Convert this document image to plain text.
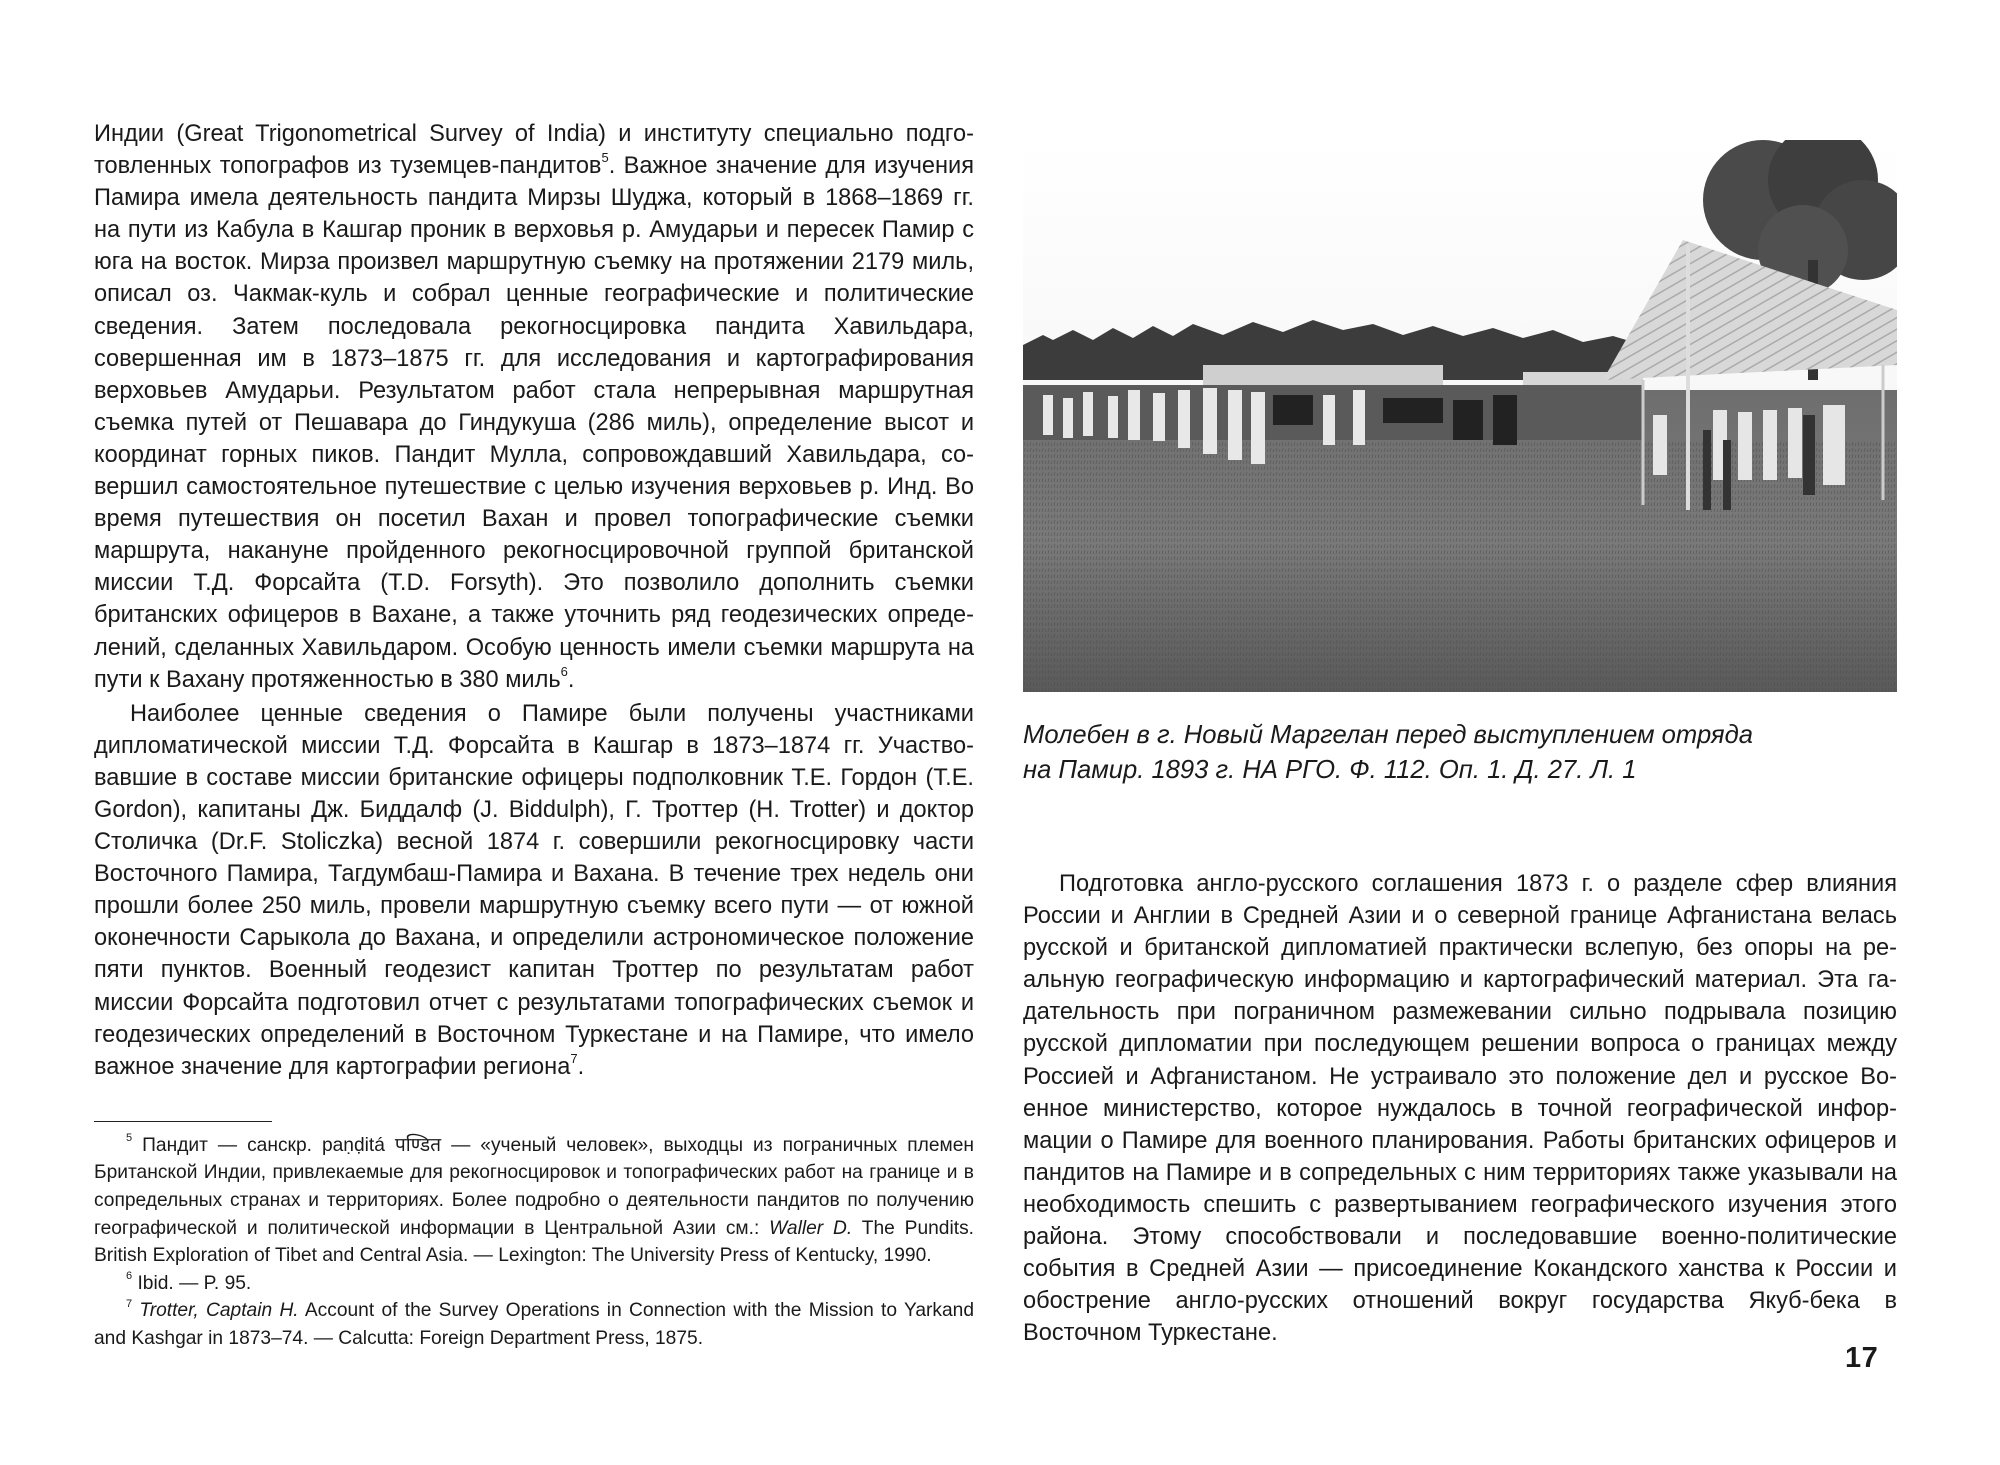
Индии (Great Trigonometrical Survey of India) и институту специально подготовленных топографов из туземцев-пандитов$^5$. Важное значение для изучения Памира имела деятельность пандита Мирзы Шуджа, который в 1868–1869 гг. на пути из Кабула в Кашгар проник в верховья р. Амударьи и пересек Памир с юга на восток. Мирза произвел маршрутную съемку на протяжении 2179 миль, описал оз. Чакмак-куль и собрал ценные географические и политические сведения. Затем последовала рекогносцировка пандита Хавильдара, совершенная им в 1873–1875 гг. для исследования и картографирования верховьев Амударьи. Результатом работ стала непрерывная маршрутная съемка путей от Пешавара до Гиндукуша (286 миль), определение высот и координат горных пиков. Пандит Мулла, сопровождавший Хавильдара, совершил самостоятельное путешествие с целью изучения верховьев р. Инд. Во время путешествия он посетил Вахан и провел топографические съемки маршрута, накануне пройденного рекогносцировочной группой британской миссии Т.Д. Форсайта (T.D. Forsyth). Это позволило дополнить съемки британских офицеров в Вахане, а также уточнить ряд геодезических определений, сделанных Хавильдаром. Особую ценность имели съемки маршрута на пути к Вахану протяженностью в 380 миль$^6$.

Наиболее ценные сведения о Памире были получены участниками дипломатической миссии Т.Д. Форсайта в Кашгар в 1873–1874 гг. Участвовавшие в составе миссии британские офицеры подполковник Т.Е. Гордон (T.E. Gordon), капитаны Дж. Биддалф (J. Biddulph), Г. Троттер (H. Trotter) и доктор Столичка (Dr.F. Stoliczka) весной 1874 г. совершили рекогносцировку части Восточного Памира, Тагдумбаш-Памира и Вахана. В течение трех недель они прошли более 250 миль, провели маршрутную съемку всего пути — от южной оконечности Сарыкола до Вахана, и определили астрономическое положение пяти пунктов. Военный геодезист капитан Троттер по результатам работ миссии Форсайта подготовил отчет с результатами топографических съемок и геодезических определений в Восточном Туркестане и на Памире, что имело важное значение для картографии региона$^7$.

$^5$ Пандит — санскр. paṇḍitá पण्डित — «ученый человек», выходцы из пограничных племен Британской Индии, привлекаемые для рекогносцировок и топографических работ на границе и в сопредельных странах и территориях. Более подробно о деятельности пандитов по получению географической и политической информации в Центральной Азии см.: Waller D. The Pundits. British Exploration of Tibet and Central Asia. — Lexington: The University Press of Kentucky, 1990.

$^6$ Ibid. — P. 95.

$^7$ Trotter, Captain H. Account of the Survey Operations in Connection with the Mission to Yarkand and Kashgar in 1873–74. — Calcutta: Foreign Department Press, 1875.

Молебен в г. Новый Маргелан перед выступлением отряда
на Памир. 1893 г. НА РГО. Ф. 112. Оп. 1. Д. 27. Л. 1

Подготовка англо-русского соглашения 1873 г. о разделе сфер влияния России и Англии в Средней Азии и о северной границе Афганистана велась русской и британской дипломатией практически вслепую, без опоры на реальную географическую информацию и картографический материал. Эта гадательность при пограничном размежевании сильно подрывала позицию русской дипломатии при последующем решении вопроса о границах между Россией и Афганистаном. Не устраивало это положение дел и русское Военное министерство, которое нуждалось в точной географической информации о Памире для военного планирования. Работы британских офицеров и пандитов на Памире и в сопредельных с ним территориях также указывали на необходимость спешить с развертыванием географического изучения этого района. Этому способствовали и последовавшие военно-политические события в Средней Азии — присоединение Кокандского ханства к России и обострение англо-русских отношений вокруг государства Якуб-бека в Восточном Туркестане.

17
